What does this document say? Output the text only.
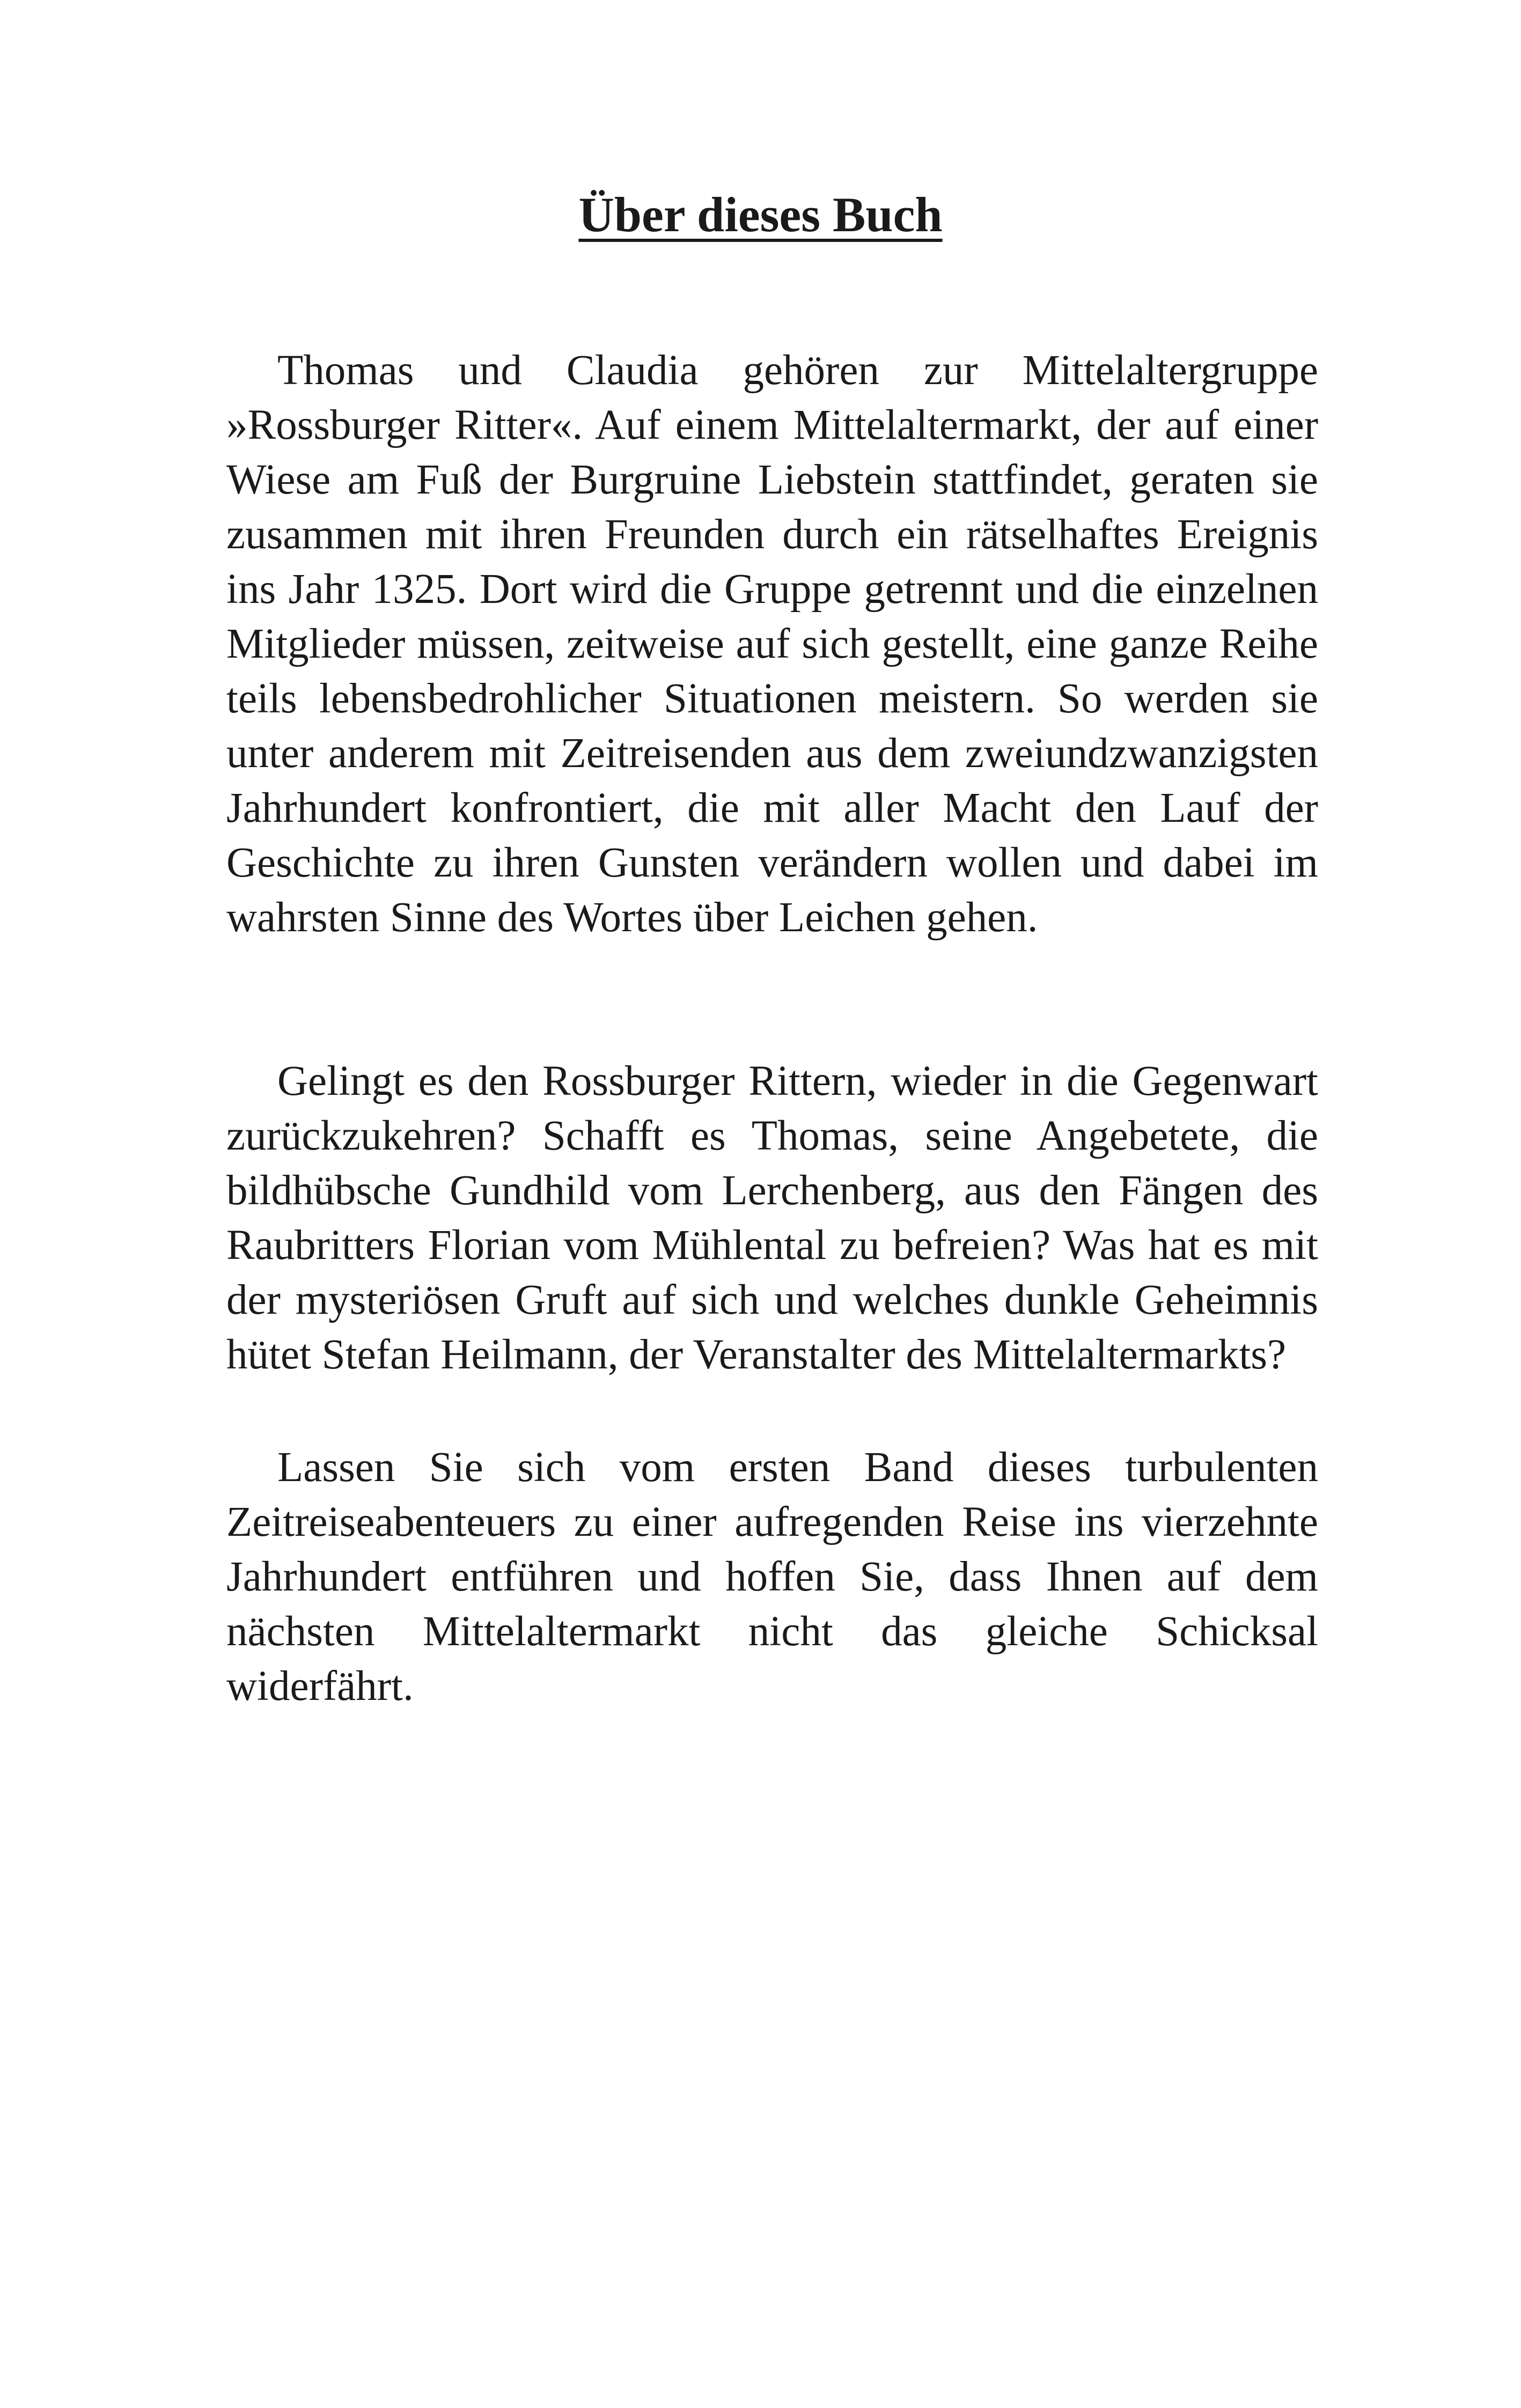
Über dieses Buch

Thomas und Claudia gehören zur Mittelaltergruppe »Rossburger Ritter«. Auf einem Mittelaltermarkt, der auf einer Wiese am Fuß der Burgruine Liebstein stattfindet, geraten sie zusammen mit ihren Freunden durch ein rätselhaftes Ereignis ins Jahr 1325. Dort wird die Gruppe getrennt und die einzelnen Mitglieder müssen, zeitweise auf sich gestellt, eine ganze Reihe teils lebensbedrohlicher Situationen meistern. So werden sie unter anderem mit Zeitreisenden aus dem zweiundzwanzigsten Jahrhundert konfrontiert, die mit aller Macht den Lauf der Geschichte zu ihren Gunsten verändern wollen und dabei im wahrsten Sinne des Wortes über Leichen gehen.

Gelingt es den Rossburger Rittern, wieder in die Gegenwart zurückzukehren? Schafft es Thomas, seine Angebetete, die bildhübsche Gundhild vom Lerchenberg, aus den Fängen des Raubritters Florian vom Mühlental zu befreien? Was hat es mit der mysteriösen Gruft auf sich und welches dunkle Geheimnis hütet Stefan Heilmann, der Veranstalter des Mittelaltermarkts?

Lassen Sie sich vom ersten Band dieses turbulenten Zeitreiseabenteuers zu einer aufregenden Reise ins vierzehnte Jahrhundert entführen und hoffen Sie, dass Ihnen auf dem nächsten Mittelaltermarkt nicht das gleiche Schicksal widerfährt.
